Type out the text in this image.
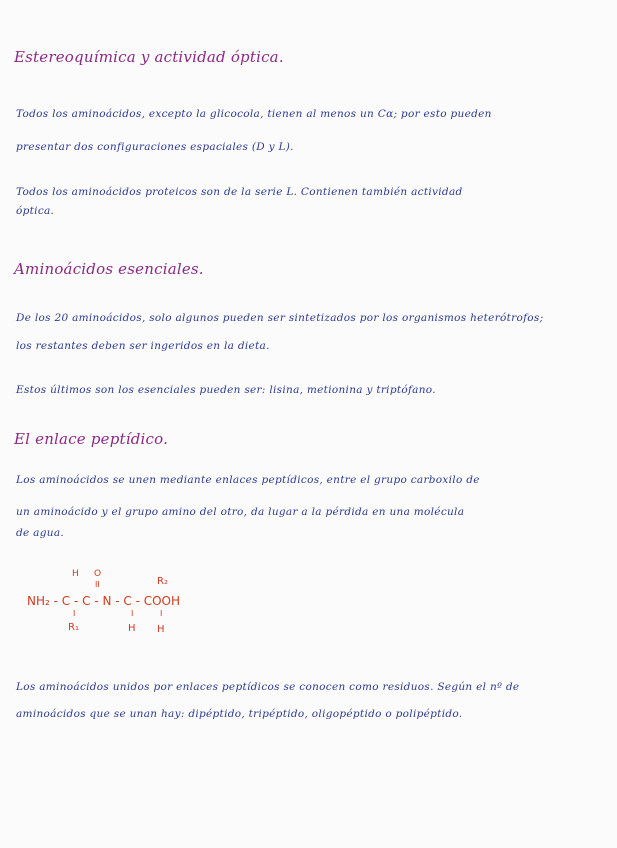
Estereoquímica y actividad óptica.
Todos los aminoácidos, excepto la glicocola, tienen al menos un Cα; por esto pueden
presentar dos configuraciones espaciales (D y L).
Todos los aminoácidos proteicos son de la serie L. Contienen también actividad
óptica.
Aminoácidos esenciales.
De los 20 aminoácidos, solo algunos pueden ser sintetizados por los organismos heterótrofos;
los restantes deben ser ingeridos en la dieta.
Estos últimos son los esenciales pueden ser: lisina, metionina y triptófano.
El enlace peptídico.
Los aminoácidos se unen mediante enlaces peptídicos, entre el grupo carboxilo de
un aminoácido y el grupo amino del otro, da lugar a la pérdida en una molécula
de agua.
H O
II	R₂
NH₂ - C - C - N - C - COOH
I
R₁
I
H
I
H
Los aminoácidos unidos por enlaces peptídicos se conocen como residuos. Según el nº de
aminoácidos que se unan hay: dipéptido, tripéptido, oligopéptido o polipéptido.
